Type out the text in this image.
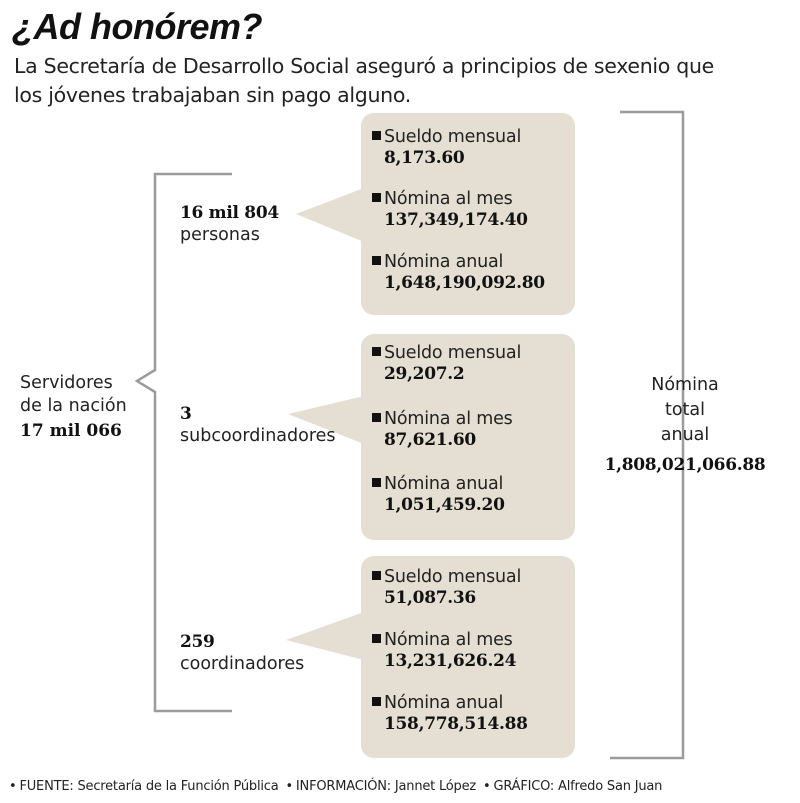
¿Ad honórem?

La Secretaría de Desarrollo Social aseguró a principios de sexenio que los jóvenes trabajaban sin pago alguno.

Servidores
de la nación
17 mil 066
16 mil 804
personas
3
subcoordinadores
259
coordinadores
Sueldo mensual
8,173.60
Nómina al mes
137,349,174.40
Nómina anual
1,648,190,092.80
Sueldo mensual
29,207.2
Nómina al mes
87,621.60
Nómina anual
1,051,459.20
Sueldo mensual
51,087.36
Nómina al mes
13,231,626.24
Nómina anual
158,778,514.88
Nómina
total
anual
1,808,021,066.88
• FUENTE: Secretaría de la Función Pública • INFORMACIÓN: Jannet López • GRÁFICO: Alfredo San Juan
